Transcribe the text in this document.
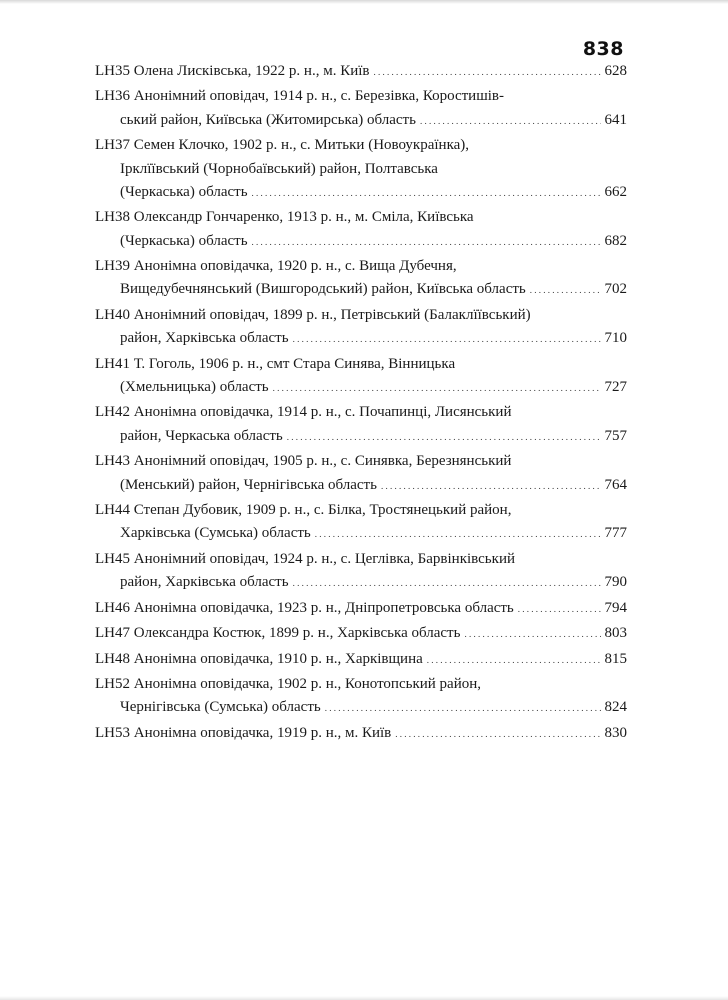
838
LH35 Олена Лисківська, 1922 р. н., м. Київ . . .	628
LH36 Анонімний оповідач, 1914 р. н., с. Березівка, Коростишів-
ський район, Київська (Житомирська) область . . .	641
LH37 Семен Клочко, 1902 р. н., с. Митьки (Новоукраїнка),
Ірклїївський (Чорнобаївський) район, Полтавська
(Черкаська) область . . .	662
LH38 Олександр Гончаренко, 1913 р. н., м. Сміла, Київська
(Черкаська) область . . .	682
LH39 Анонімна оповідачка, 1920 р. н., с. Вища Дубечня,
Вищедубечнянський (Вишгородський) район, Київська область . . .	702
LH40 Анонімний оповідач, 1899 р. н., Петрівський (Балаклїївський)
район, Харківська область . . .	710
LH41 Т. Гоголь, 1906 р. н., смт Стара Синява, Вінницька
(Хмельницька) область . . .	727
LH42 Анонімна оповідачка, 1914 р. н., с. Почапинці, Лисянський
район, Черкаська область . . .	757
LH43 Анонімний оповідач, 1905 р. н., с. Синявка, Березнянський
(Менський) район, Чернігівська область . . .	764
LH44 Степан Дубовик, 1909 р. н., с. Білка, Тростянецький район,
Харківська (Сумська) область . . .	777
LH45 Анонімний оповідач, 1924 р. н., с. Цеглівка, Барвінківський
район, Харківська область . . .	790
LH46 Анонімна оповідачка, 1923 р. н., Дніпропетровська область . . .	794
LH47 Олександра Костюк, 1899 р. н., Харківська область . . .	803
LH48 Анонімна оповідачка, 1910 р. н., Харківщина . . .	815
LH52 Анонімна оповідачка, 1902 р. н., Конотопський район,
Чернігівська (Сумська) область . . .	824
LH53 Анонімна оповідачка, 1919 р. н., м. Київ . . .	830
